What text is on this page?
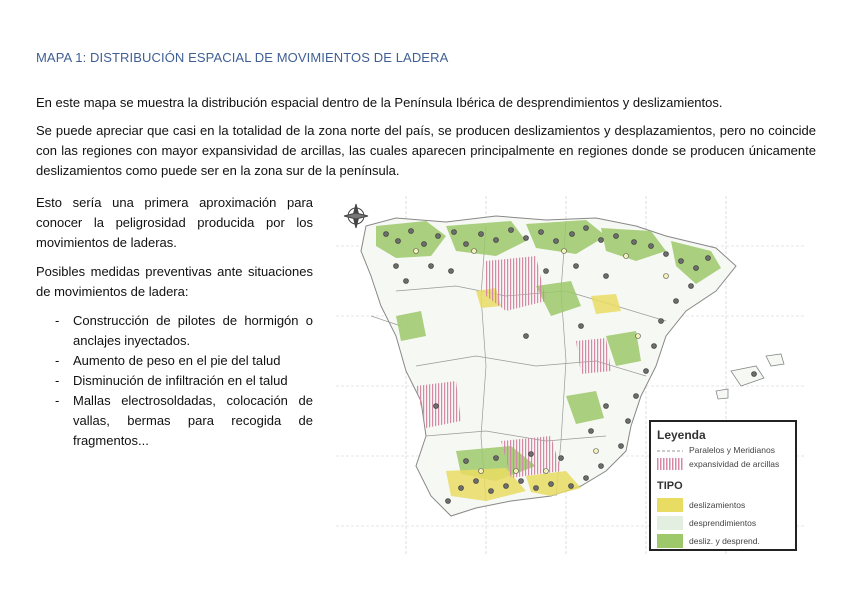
MAPA 1: DISTRIBUCIÓN ESPACIAL DE MOVIMIENTOS DE LADERA
En este mapa se muestra la distribución espacial dentro de la Península Ibérica de desprendimientos y deslizamientos.
Se puede apreciar que casi en la totalidad de la zona norte del país, se producen deslizamientos y desplazamientos, pero no coincide con las regiones con mayor expansividad de arcillas, las cuales aparecen principalmente en regiones donde se producen únicamente deslizamientos como puede ser en la zona sur de la península.

Esto sería una primera aproximación para conocer la peligrosidad producida por los movimientos de laderas.

Posibles medidas preventivas ante situaciones de movimientos de ladera:

- Construcción de pilotes de hormigón o anclajes inyectados.
- Aumento de peso en el pie del talud
- Disminución de infiltración en el talud
- Mallas electrosoldadas, colocación de vallas, bermas para recogida de fragmentos...	Leyenda
Paralelos y Meridianos
expansividad de arcillas
TIPO
deslizamientos
desprendimientos
desliz. y desprend.
